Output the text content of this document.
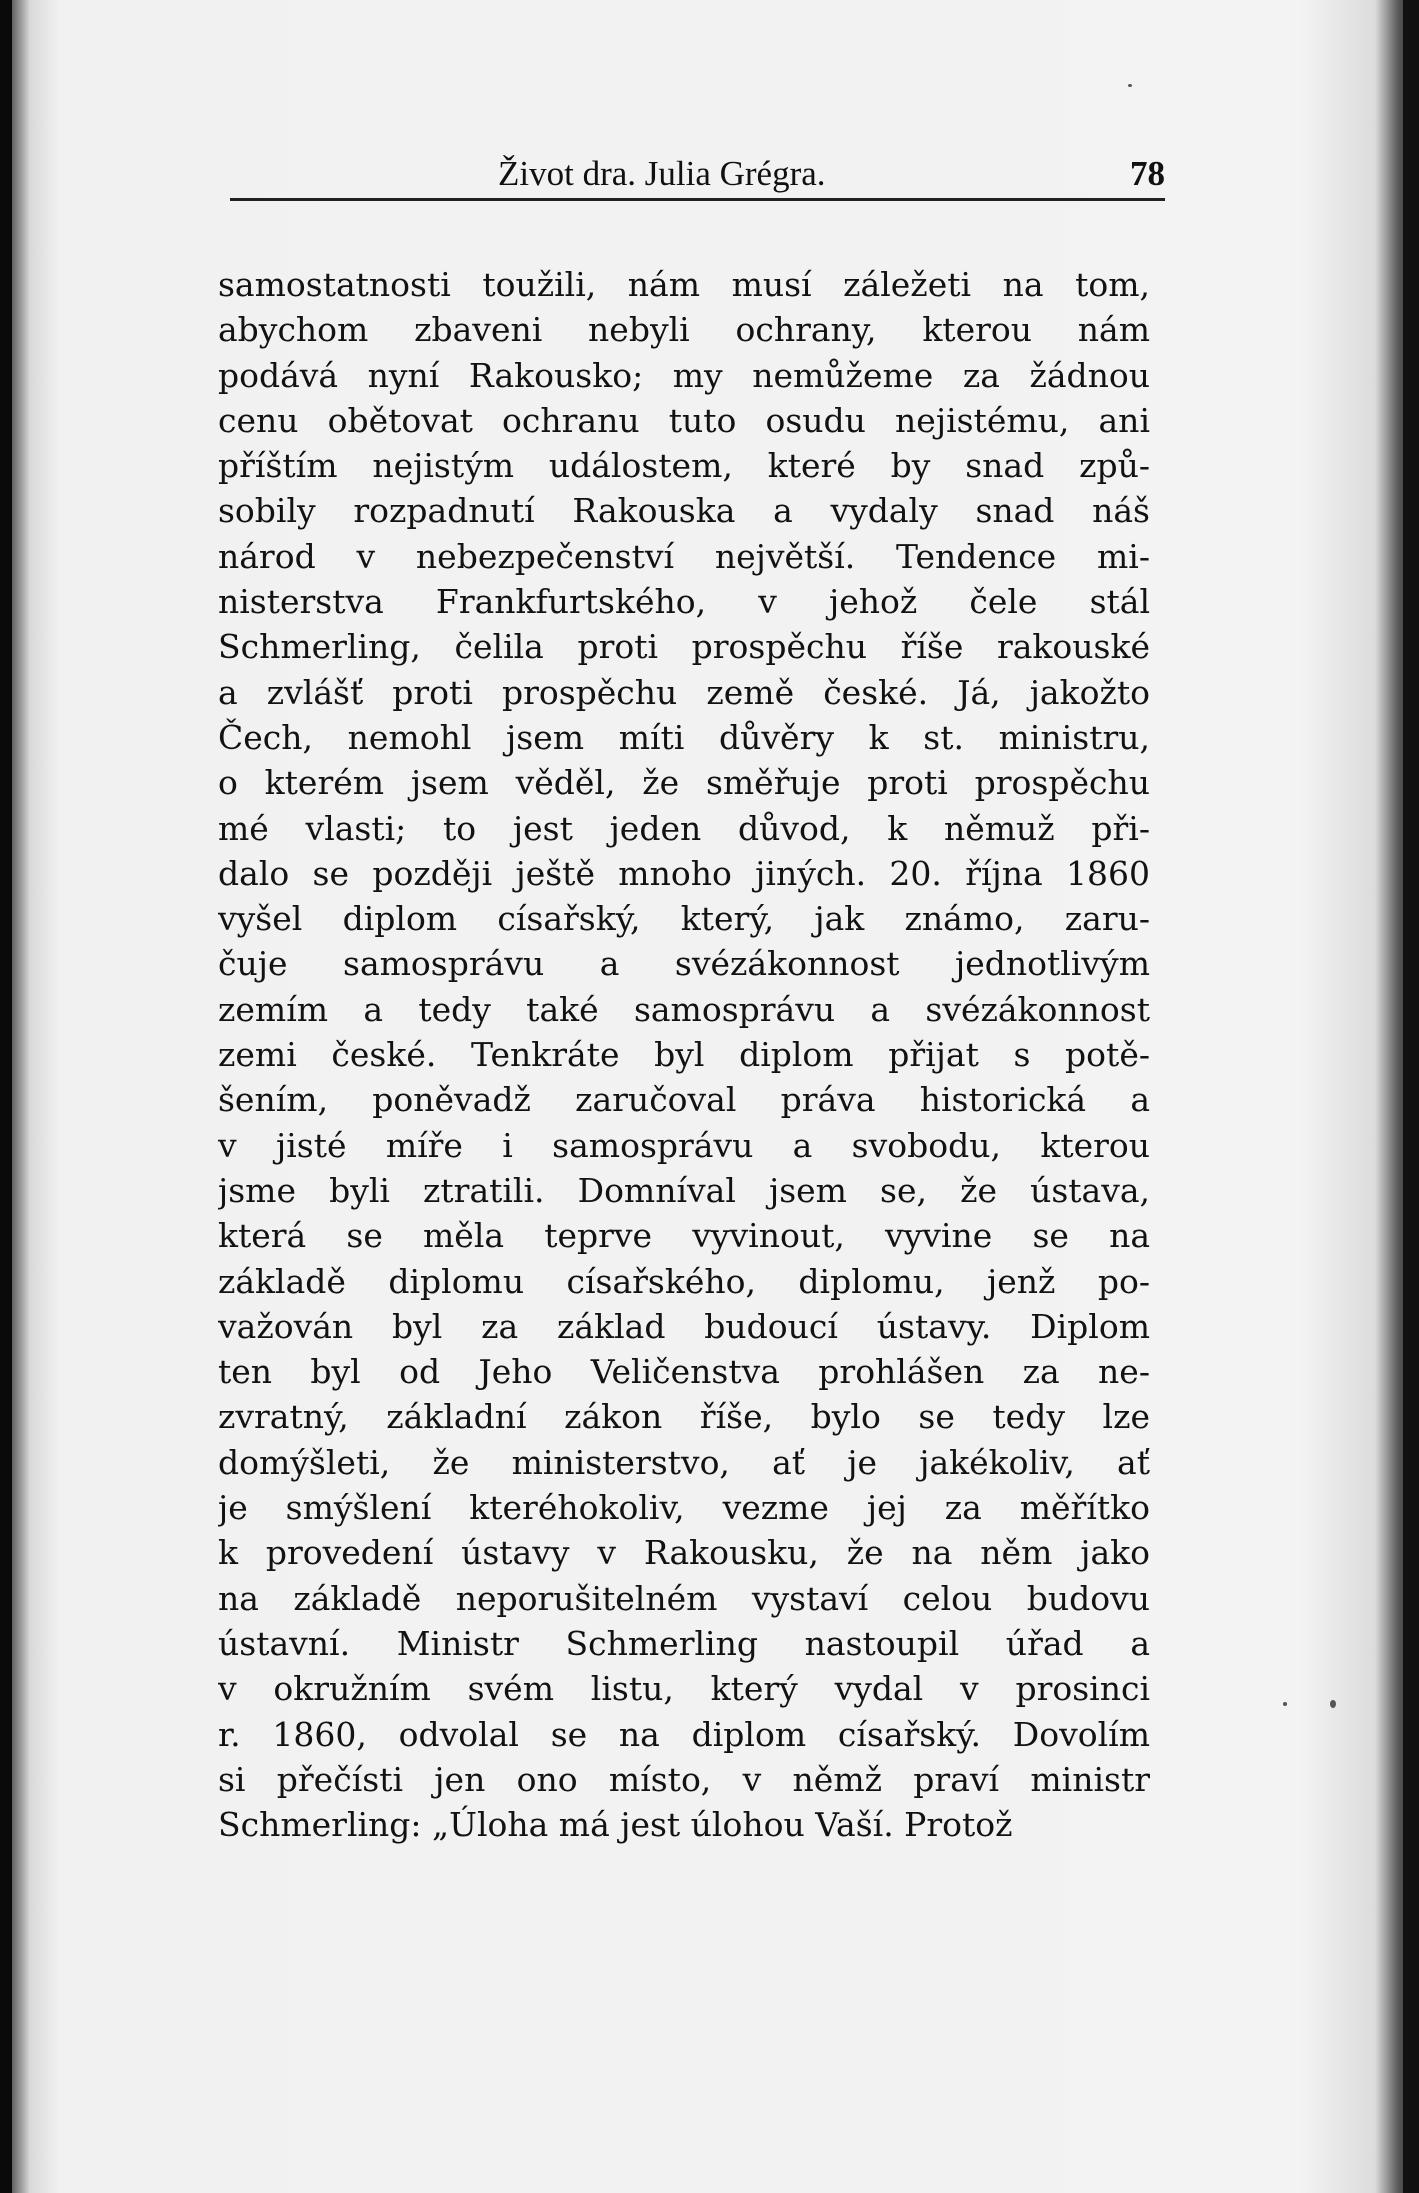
Život dra. Julia Grégra.	78
samostatnosti toužili, nám musí záležeti na tom,
abychom zbaveni nebyli ochrany, kterou nám
podává nyní Rakousko; my nemůžeme za žádnou
cenu obětovat ochranu tuto osudu nejistému, ani
příštím nejistým událostem, které by snad způ-
sobily rozpadnutí Rakouska a vydaly snad náš
národ v nebezpečenství největší. Tendence mi-
nisterstva Frankfurtského, v jehož čele stál
Schmerling, čelila proti prospěchu říše rakouské
a zvlášť proti prospěchu země české. Já, jakožto
Čech, nemohl jsem míti důvěry k st. ministru,
o kterém jsem věděl, že směřuje proti prospěchu
mé vlasti; to jest jeden důvod, k němuž při-
dalo se později ještě mnoho jiných. 20. října 1860
vyšel diplom císařský, který, jak známo, zaru-
čuje samosprávu a svézákonnost jednotlivým
zemím a tedy také samosprávu a svézákonnost
zemi české. Tenkráte byl diplom přijat s potě-
šením, poněvadž zaručoval práva historická a
v jisté míře i samosprávu a svobodu, kterou
jsme byli ztratili. Domníval jsem se, že ústava,
která se měla teprve vyvinout, vyvine se na
základě diplomu císařského, diplomu, jenž po-
važován byl za základ budoucí ústavy. Diplom
ten byl od Jeho Veličenstva prohlášen za ne-
zvratný, základní zákon říše, bylo se tedy lze
domýšleti, že ministerstvo, ať je jakékoliv, ať
je smýšlení kteréhokoliv, vezme jej za měřítko
k provedení ústavy v Rakousku, že na něm jako
na základě neporušitelném vystaví celou budovu
ústavní. Ministr Schmerling nastoupil úřad a
v okružním svém listu, který vydal v prosinci
r. 1860, odvolal se na diplom císařský. Dovolím
si přečísti jen ono místo, v němž praví ministr
Schmerling: „Úloha má jest úlohou Vaší. Protož
